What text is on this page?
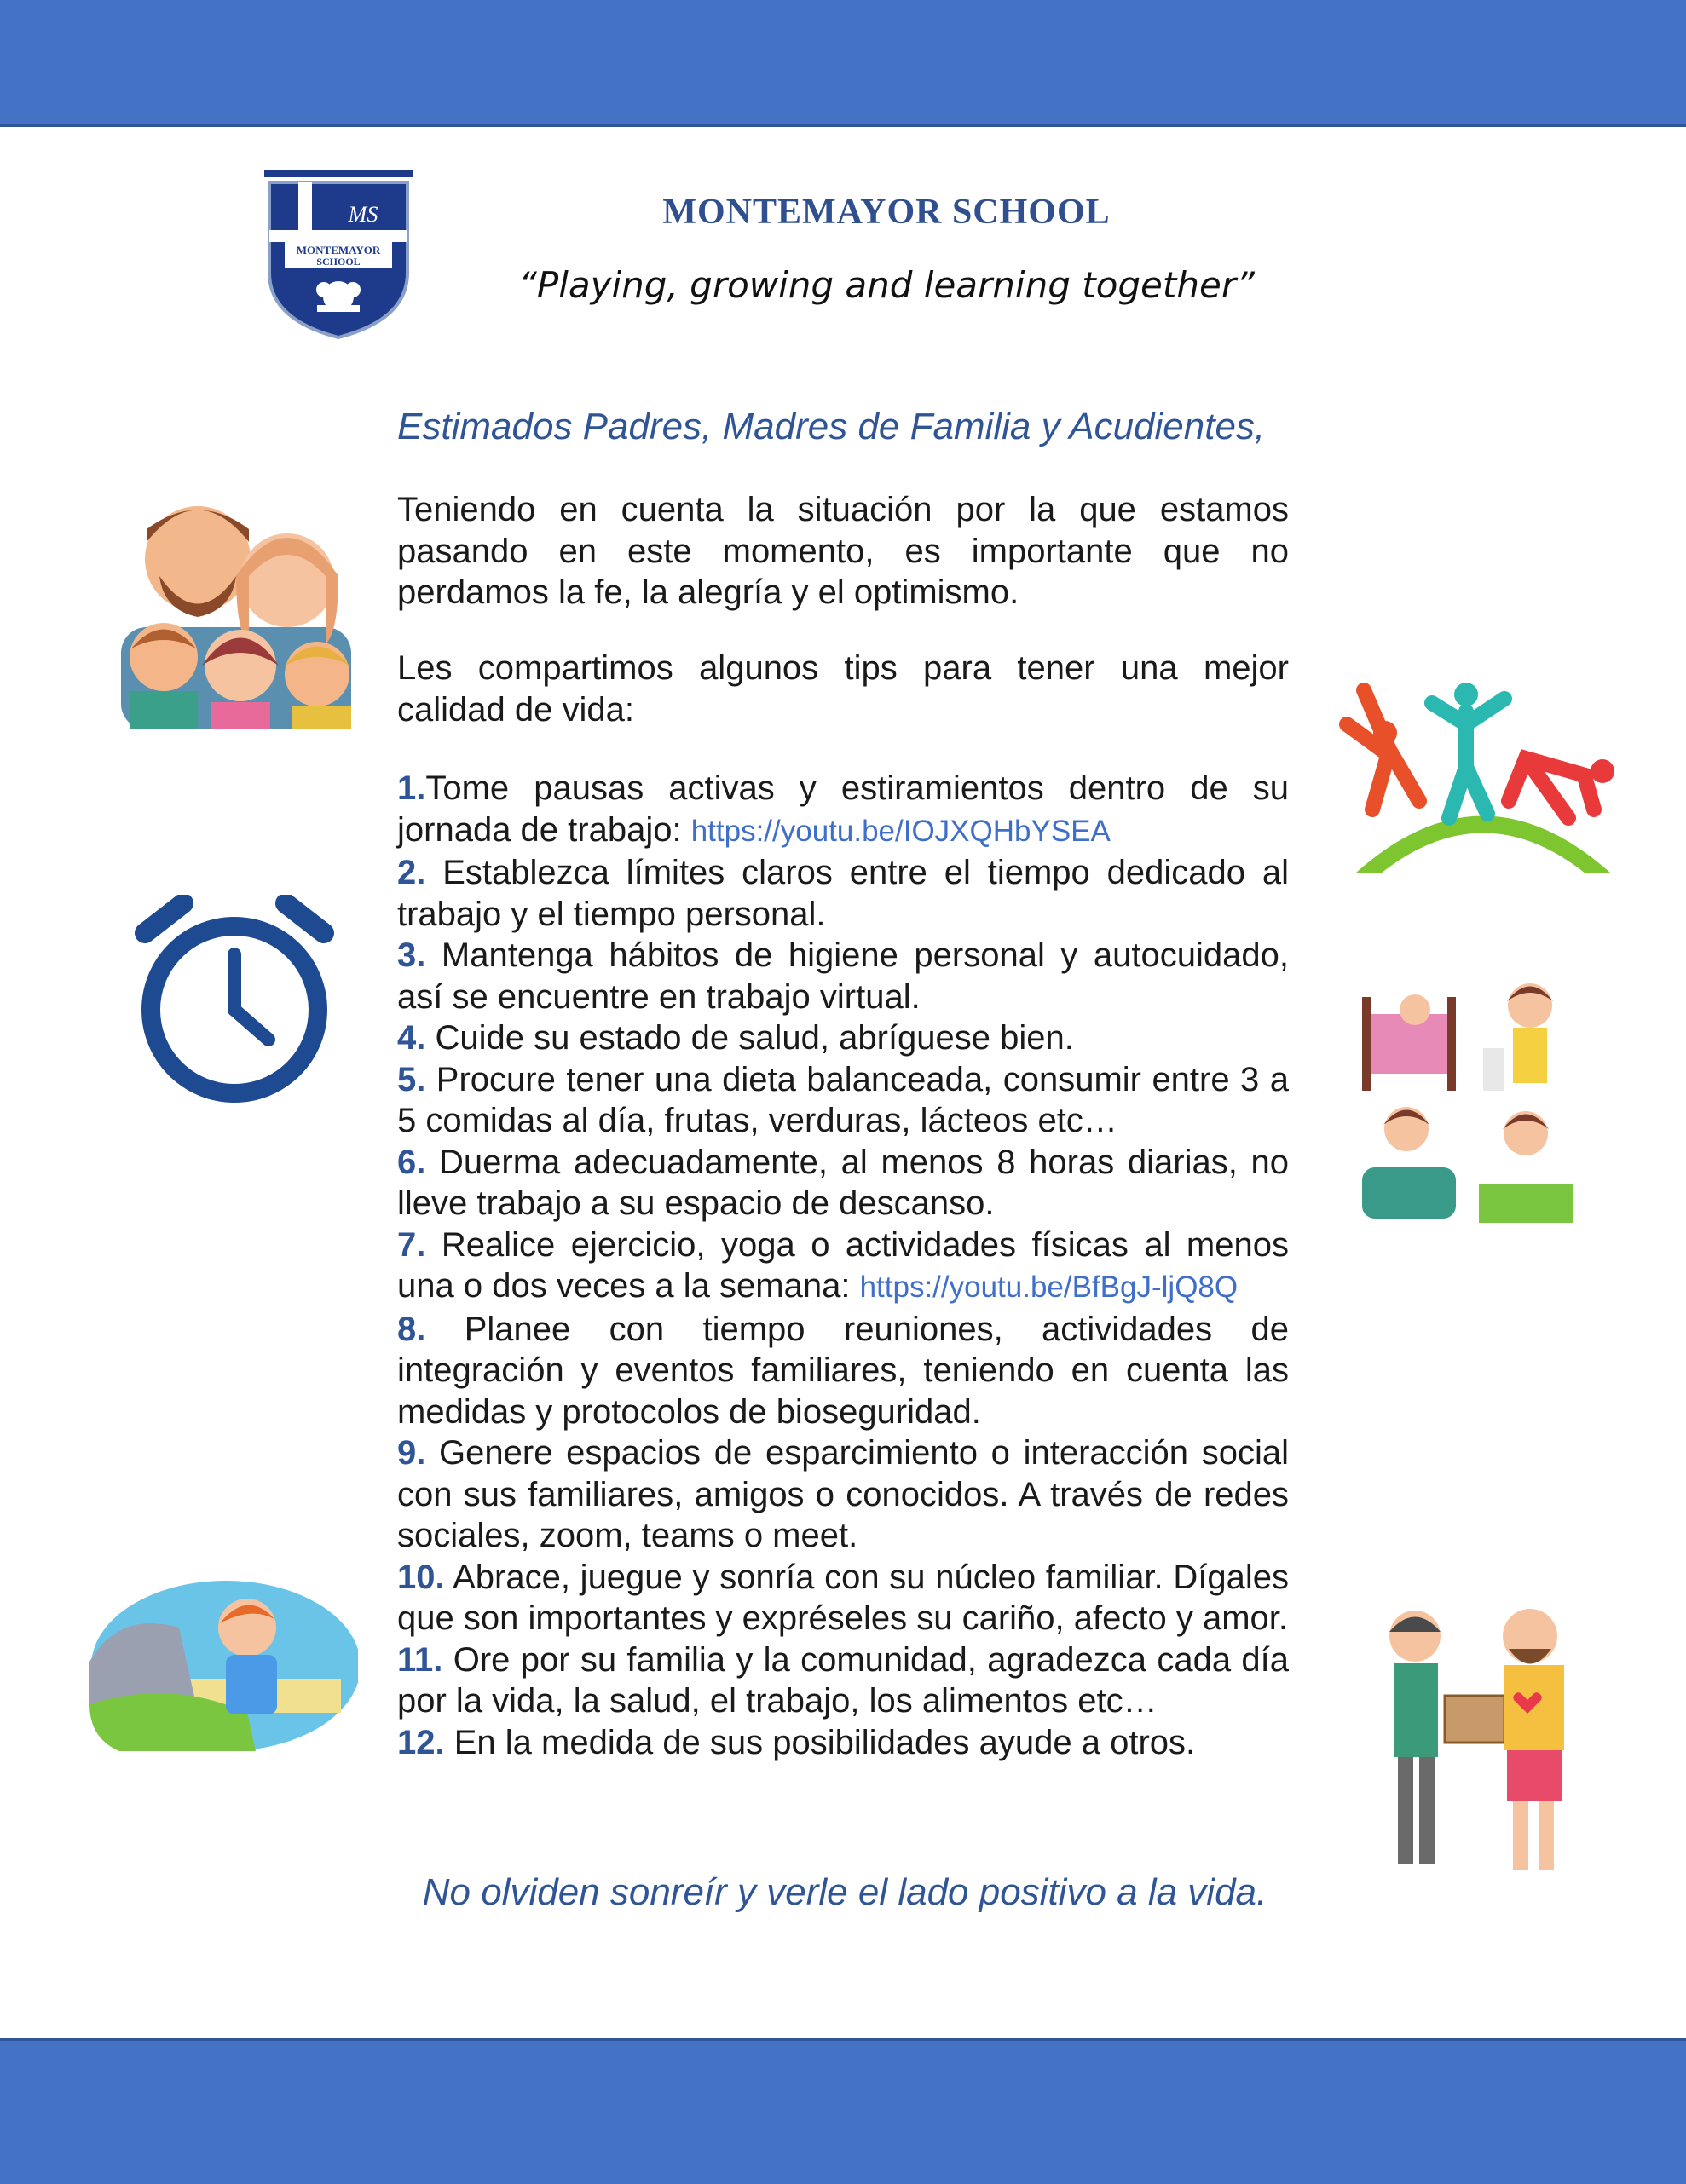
MS
MONTEMAYOR
SCHOOL
MONTEMAYOR SCHOOL
“Playing, growing and learning together”
Estimados Padres, Madres de Familia y Acudientes,
Teniendo en cuenta la situación por la que estamos pasando en este momento, es importante que no perdamos la fe, la alegría y el optimismo.
Les compartimos algunos tips para tener una mejor calidad de vida:

1.Tome pausas activas y estiramientos dentro de su jornada de trabajo: https://youtu.be/IOJXQHbYSEA

2. Establezca límites claros entre el tiempo dedicado al trabajo y el tiempo personal.

3. Mantenga hábitos de higiene personal y autocuidado, así se encuentre en trabajo virtual.

4. Cuide su estado de salud, abríguese bien.

5. Procure tener una dieta balanceada, consumir entre 3 a 5 comidas al día, frutas, verduras, lácteos etc…

6. Duerma adecuadamente, al menos 8 horas diarias, no lleve trabajo a su espacio de descanso.

7. Realice ejercicio, yoga o actividades físicas al menos una o dos veces a la semana: https://youtu.be/BfBgJ-ljQ8Q

8. Planee con tiempo reuniones, actividades de integración y eventos familiares, teniendo en cuenta las medidas y protocolos de bioseguridad.

9. Genere espacios de esparcimiento o interacción social con sus familiares, amigos o conocidos. A través de redes sociales, zoom, teams o meet.

10. Abrace, juegue y sonría con su núcleo familiar. Dígales que son importantes y expréseles su cariño, afecto y amor.

11. Ore por su familia y la comunidad, agradezca cada día por la vida, la salud, el trabajo, los alimentos etc…

12. En la medida de sus posibilidades ayude a otros.

No olviden sonreír y verle el lado positivo a la vida.
